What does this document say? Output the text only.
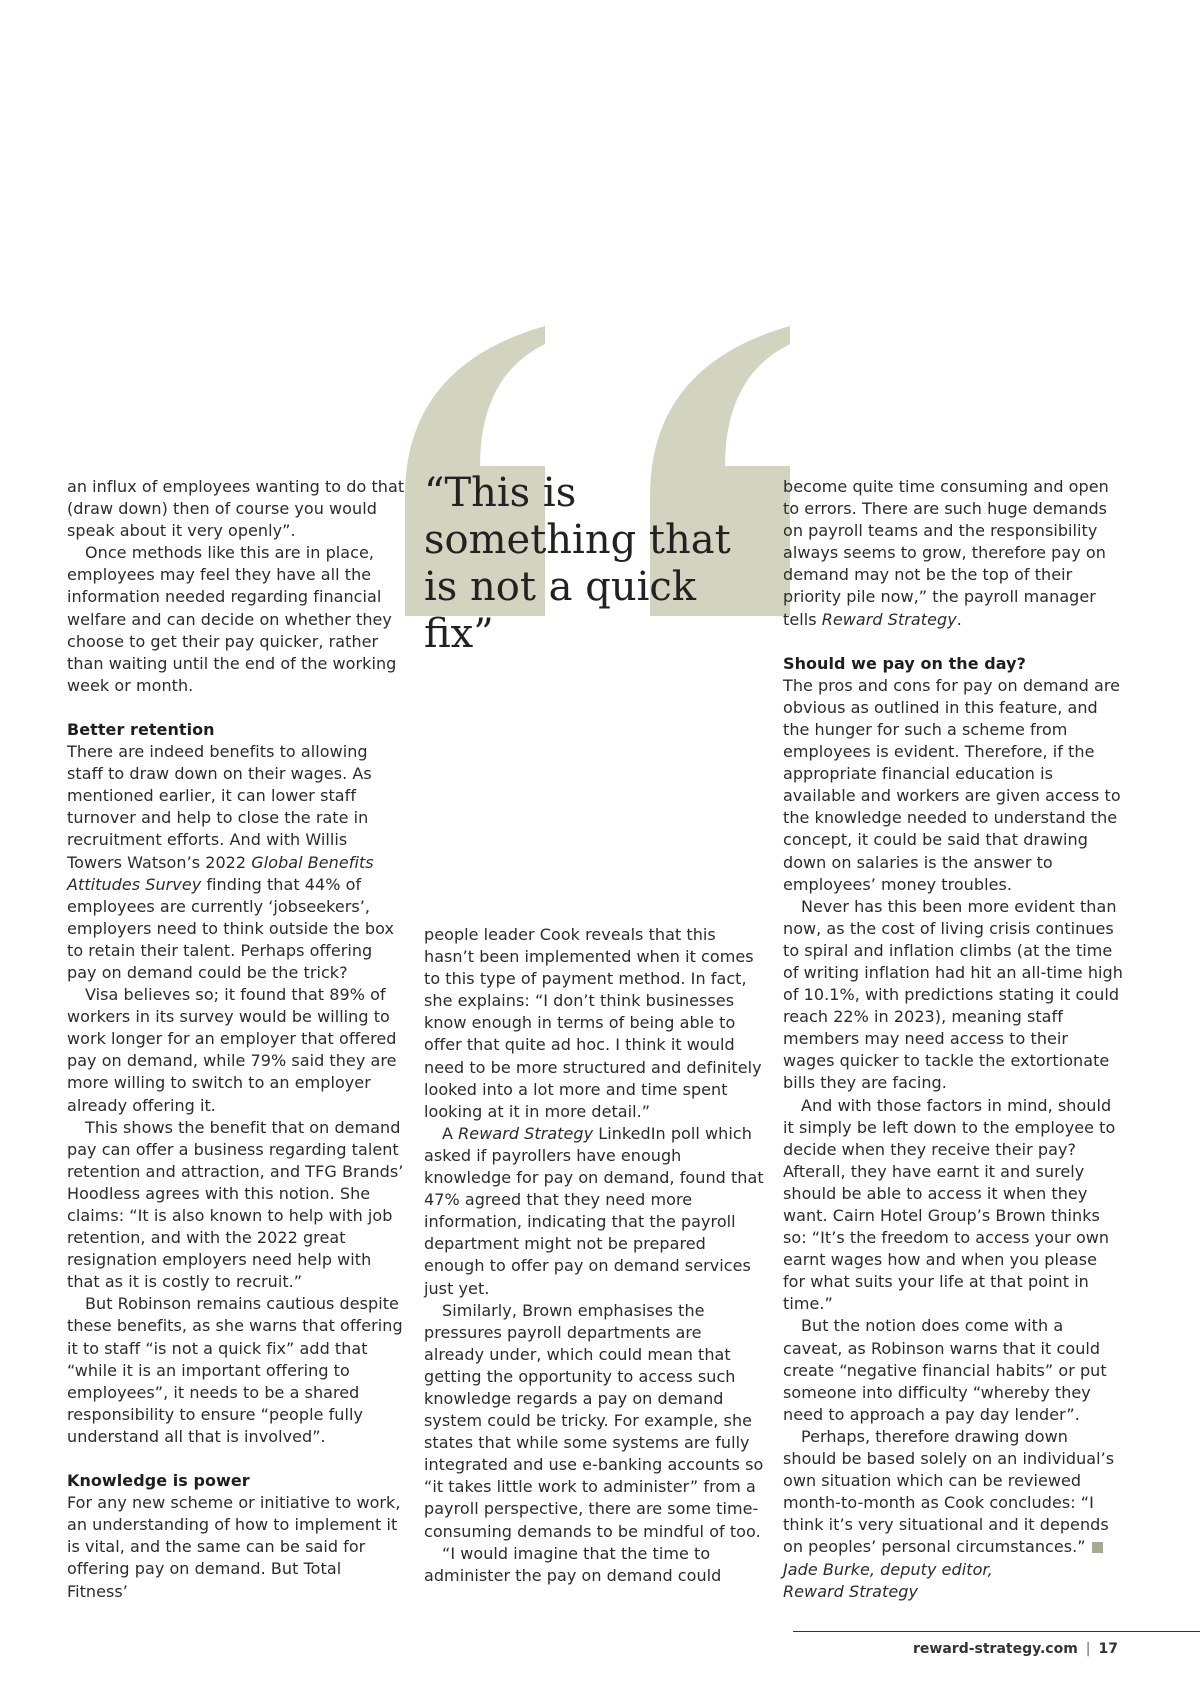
“This is something that is not a quick fix”

an influx of employees wanting to do that (draw down) then of course you would speak about it very openly”.

Once methods like this are in place, employees may feel they have all the information needed regarding financial welfare and can decide on whether they choose to get their pay quicker, rather than waiting until the end of the working week or month.

Better retention

There are indeed benefits to allowing staff to draw down on their wages. As mentioned earlier, it can lower staff turnover and help to close the rate in recruitment efforts. And with Willis Towers Watson’s 2022 Global Benefits Attitudes Survey finding that 44% of employees are currently ‘jobseekers’, employers need to think outside the box to retain their talent. Perhaps offering pay on demand could be the trick?

Visa believes so; it found that 89% of workers in its survey would be willing to work longer for an employer that offered pay on demand, while 79% said they are more willing to switch to an employer already offering it.

This shows the benefit that on demand pay can offer a business regarding talent retention and attraction, and TFG Brands’ Hoodless agrees with this notion. She claims: “It is also known to help with job retention, and with the 2022 great resignation employers need help with that as it is costly to recruit.”

But Robinson remains cautious despite these benefits, as she warns that offering it to staff “is not a quick fix” add that “while it is an important offering to employees”, it needs to be a shared responsibility to ensure “people fully understand all that is involved”.

Knowledge is power

For any new scheme or initiative to work, an understanding of how to implement it is vital, and the same can be said for offering pay on demand. But Total Fitness’

people leader Cook reveals that this hasn’t been implemented when it comes to this type of payment method. In fact, she explains: “I don’t think businesses know enough in terms of being able to offer that quite ad hoc. I think it would need to be more structured and definitely looked into a lot more and time spent looking at it in more detail.”

A Reward Strategy LinkedIn poll which asked if payrollers have enough knowledge for pay on demand, found that 47% agreed that they need more information, indicating that the payroll department might not be prepared enough to offer pay on demand services just yet.

Similarly, Brown emphasises the pressures payroll departments are already under, which could mean that getting the opportunity to access such knowledge regards a pay on demand system could be tricky. For example, she states that while some systems are fully integrated and use e-banking accounts so “it takes little work to administer” from a payroll perspective, there are some time-consuming demands to be mindful of too.

“I would imagine that the time to administer the pay on demand could

become quite time consuming and open to errors. There are such huge demands on payroll teams and the responsibility always seems to grow, therefore pay on demand may not be the top of their priority pile now,” the payroll manager tells Reward Strategy.

Should we pay on the day?

The pros and cons for pay on demand are obvious as outlined in this feature, and the hunger for such a scheme from employees is evident. Therefore, if the appropriate financial education is available and workers are given access to the knowledge needed to understand the concept, it could be said that drawing down on salaries is the answer to employees’ money troubles.

Never has this been more evident than now, as the cost of living crisis continues to spiral and inflation climbs (at the time of writing inflation had hit an all-time high of 10.1%, with predictions stating it could reach 22% in 2023), meaning staff members may need access to their wages quicker to tackle the extortionate bills they are facing.

And with those factors in mind, should it simply be left down to the employee to decide when they receive their pay? Afterall, they have earnt it and surely should be able to access it when they want. Cairn Hotel Group’s Brown thinks so: “It’s the freedom to access your own earnt wages how and when you please for what suits your life at that point in time.”

But the notion does come with a caveat, as Robinson warns that it could create “negative financial habits” or put someone into difficulty “whereby they need to approach a pay day lender”.

Perhaps, therefore drawing down should be based solely on an individual’s own situation which can be reviewed month-to-month as Cook concludes: “I think it’s very situational and it depends on peoples’ personal circumstances.”

Jade Burke, deputy editor,

Reward Strategy

reward-strategy.com | 17
